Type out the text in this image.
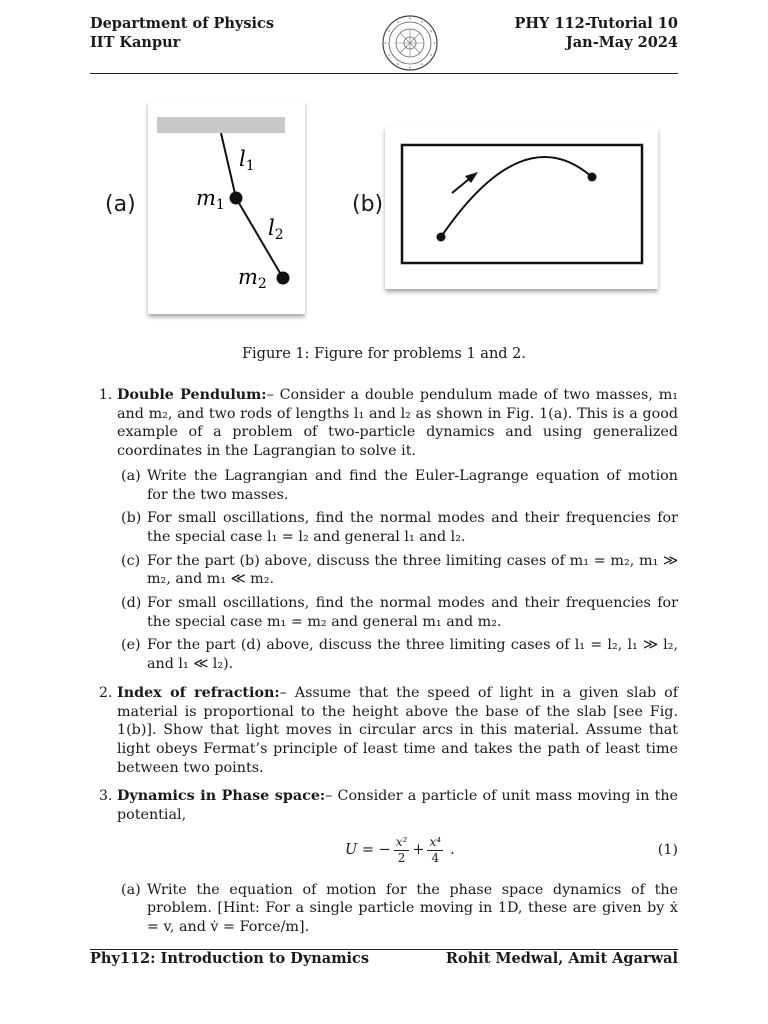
Department of Physics
IIT Kanpur
PHY 112-Tutorial 10
Jan-May 2024
(a)	(b)
l1
m1
l2
m2
Figure 1: Figure for problems 1 and 2.
1. Double Pendulum:– Consider a double pendulum made of two masses, m₁ and m₂, and two rods of lengths l₁ and l₂ as shown in Fig. 1(a). This is a good example of a problem of two-particle dynamics and using generalized coordinates in the Lagrangian to solve it.
(a) Write the Lagrangian and find the Euler-Lagrange equation of motion for the two masses.
(b) For small oscillations, find the normal modes and their frequencies for the special case l₁ = l₂ and general l₁ and l₂.
(c) For the part (b) above, discuss the three limiting cases of m₁ = m₂, m₁ ≫ m₂, and m₁ ≪ m₂.
(d) For small oscillations, find the normal modes and their frequencies for the special case m₁ = m₂ and general m₁ and m₂.
(e) For the part (d) above, discuss the three limiting cases of l₁ = l₂, l₁ ≫ l₂, and l₁ ≪ l₂).
2. Index of refraction:– Assume that the speed of light in a given slab of material is proportional to the height above the base of the slab [see Fig. 1(b)]. Show that light moves in circular arcs in this material. Assume that light obeys Fermat’s principle of least time and takes the path of least time between two points.
3. Dynamics in Phase space:– Consider a particle of unit mass moving in the potential,
U = − $\frac{\text{x²}}{2} + \frac{\text{x⁴}}{4}$ .	(1)
(a) Write the equation of motion for the phase space dynamics of the problem. [Hint: For a single particle moving in 1D, these are given by ẋ = v, and v̇ = Force/m].
Phy112: Introduction to Dynamics	Rohit Medwal, Amit Agarwal
